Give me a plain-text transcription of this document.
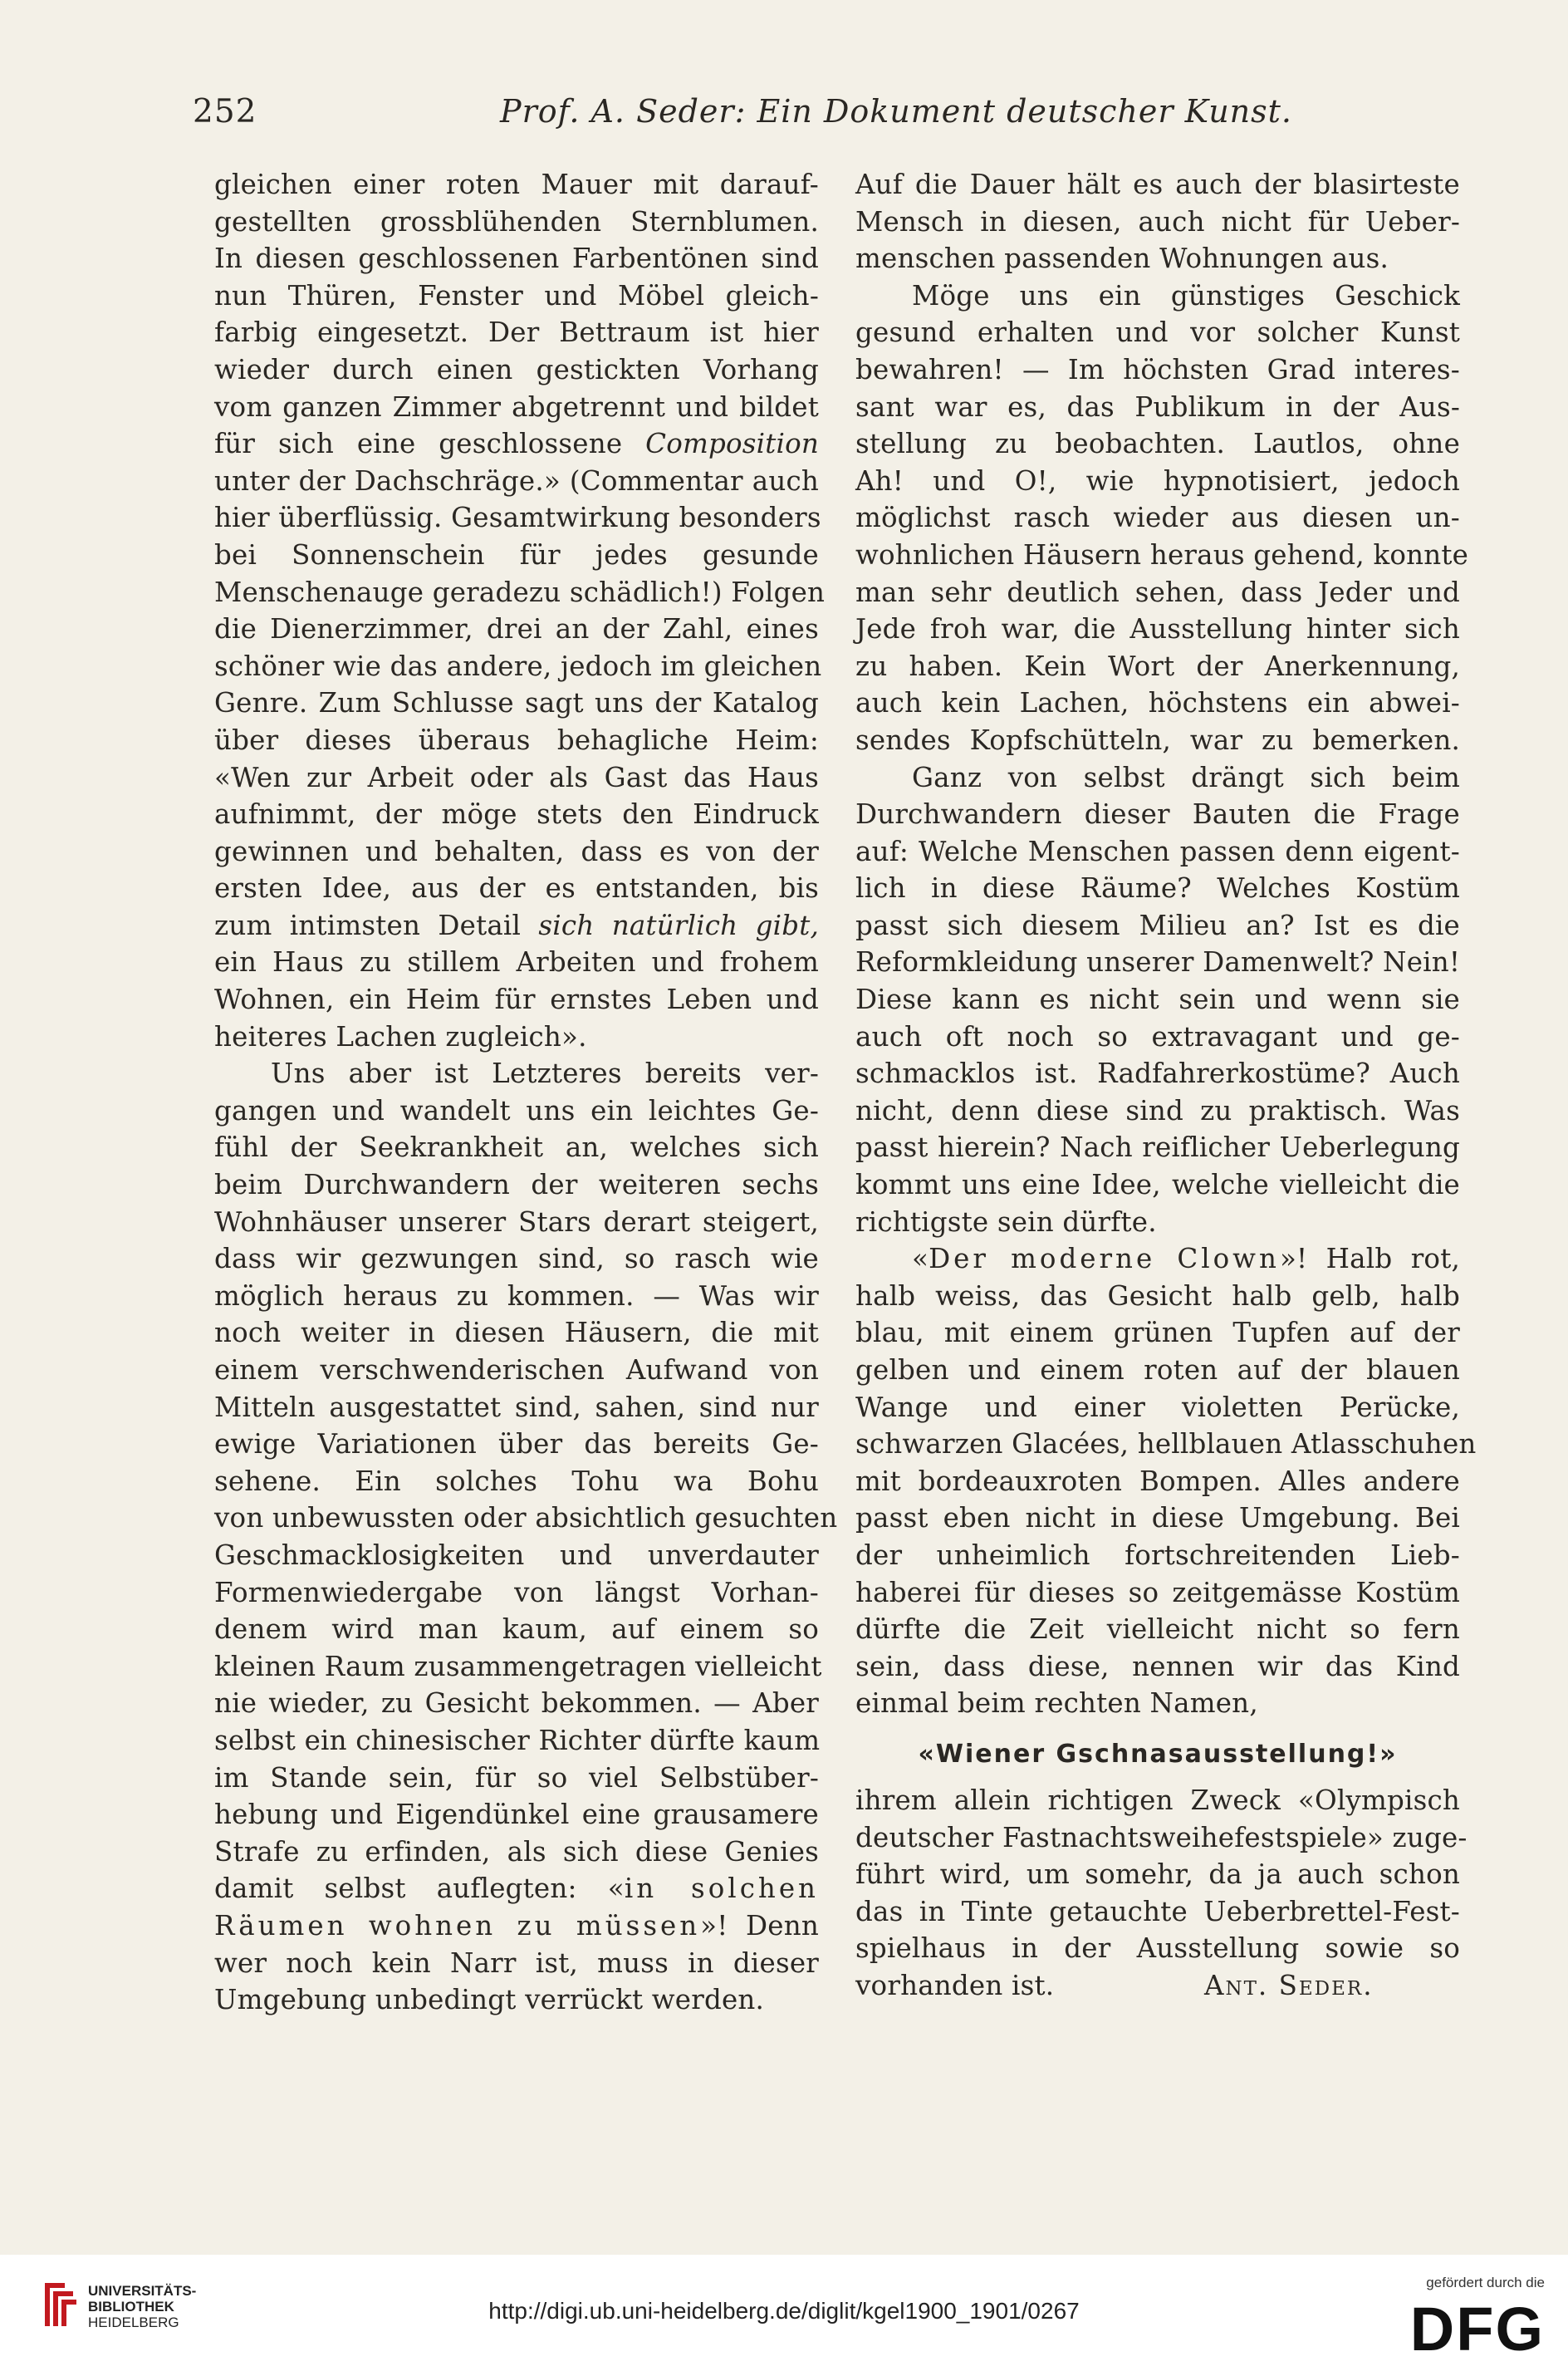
252	Prof. A. Seder: Ein Dokument deutscher Kunst.
gleichen einer roten Mauer mit darauf-
gestellten grossblühenden Sternblumen.
In diesen geschlossenen Farbentönen sind
nun Thüren, Fenster und Möbel gleich-
farbig eingesetzt. Der Bettraum ist hier
wieder durch einen gestickten Vorhang
vom ganzen Zimmer abgetrennt und bildet
für sich eine geschlossene Composition
unter der Dachschräge.» (Commentar auch
hier überflüssig. Gesamtwirkung besonders
bei Sonnenschein für jedes gesunde
Menschenauge geradezu schädlich!) Folgen
die Dienerzimmer, drei an der Zahl, eines
schöner wie das andere, jedoch im gleichen
Genre. Zum Schlusse sagt uns der Katalog
über dieses überaus behagliche Heim:
«Wen zur Arbeit oder als Gast das Haus
aufnimmt, der möge stets den Eindruck
gewinnen und behalten, dass es von der
ersten Idee, aus der es entstanden, bis
zum intimsten Detail sich natürlich gibt,
ein Haus zu stillem Arbeiten und frohem
Wohnen, ein Heim für ernstes Leben und
heiteres Lachen zugleich».
Uns aber ist Letzteres bereits ver-
gangen und wandelt uns ein leichtes Ge-
fühl der Seekrankheit an, welches sich
beim Durchwandern der weiteren sechs
Wohnhäuser unserer Stars derart steigert,
dass wir gezwungen sind, so rasch wie
möglich heraus zu kommen. — Was wir
noch weiter in diesen Häusern, die mit
einem verschwenderischen Aufwand von
Mitteln ausgestattet sind, sahen, sind nur
ewige Variationen über das bereits Ge-
sehene. Ein solches Tohu wa Bohu
von unbewussten oder absichtlich gesuchten
Geschmacklosigkeiten und unverdauter
Formenwiedergabe von längst Vorhan-
denem wird man kaum, auf einem so
kleinen Raum zusammengetragen vielleicht
nie wieder, zu Gesicht bekommen. — Aber
selbst ein chinesischer Richter dürfte kaum
im Stande sein, für so viel Selbstüber-
hebung und Eigendünkel eine grausamere
Strafe zu erfinden, als sich diese Genies
damit selbst auflegten: «in solchen
Räumen wohnen zu müssen»! Denn
wer noch kein Narr ist, muss in dieser
Umgebung unbedingt verrückt werden.
Auf die Dauer hält es auch der blasirteste
Mensch in diesen, auch nicht für Ueber-
menschen passenden Wohnungen aus.
Möge uns ein günstiges Geschick
gesund erhalten und vor solcher Kunst
bewahren! — Im höchsten Grad interes-
sant war es, das Publikum in der Aus-
stellung zu beobachten. Lautlos, ohne
Ah! und O!, wie hypnotisiert, jedoch
möglichst rasch wieder aus diesen un-
wohnlichen Häusern heraus gehend, konnte
man sehr deutlich sehen, dass Jeder und
Jede froh war, die Ausstellung hinter sich
zu haben. Kein Wort der Anerkennung,
auch kein Lachen, höchstens ein abwei-
sendes Kopfschütteln, war zu bemerken.
Ganz von selbst drängt sich beim
Durchwandern dieser Bauten die Frage
auf: Welche Menschen passen denn eigent-
lich in diese Räume? Welches Kostüm
passt sich diesem Milieu an? Ist es die
Reformkleidung unserer Damenwelt? Nein!
Diese kann es nicht sein und wenn sie
auch oft noch so extravagant und ge-
schmacklos ist. Radfahrerkostüme? Auch
nicht, denn diese sind zu praktisch. Was
passt hierein? Nach reiflicher Ueberlegung
kommt uns eine Idee, welche vielleicht die
richtigste sein dürfte.
«Der moderne Clown»! Halb rot,
halb weiss, das Gesicht halb gelb, halb
blau, mit einem grünen Tupfen auf der
gelben und einem roten auf der blauen
Wange und einer violetten Perücke,
schwarzen Glacées, hellblauen Atlasschuhen
mit bordeauxroten Bompen. Alles andere
passt eben nicht in diese Umgebung. Bei
der unheimlich fortschreitenden Lieb-
haberei für dieses so zeitgemässe Kostüm
dürfte die Zeit vielleicht nicht so fern
sein, dass diese, nennen wir das Kind
einmal beim rechten Namen,
«Wiener Gschnasausstellung!»
ihrem allein richtigen Zweck «Olympisch
deutscher Fastnachtsweihefestspiele» zuge-
führt wird, um somehr, da ja auch schon
das in Tinte getauchte Ueberbrettel-Fest-
spielhaus in der Ausstellung sowie so
vorhanden ist.	Ant. Seder.
UNIVERSITÄTS-
BIBLIOTHEK
HEIDELBERG	http://digi.ub.uni-heidelberg.de/diglit/kgel1900_1901/0267
gefördert durch die
DFG
